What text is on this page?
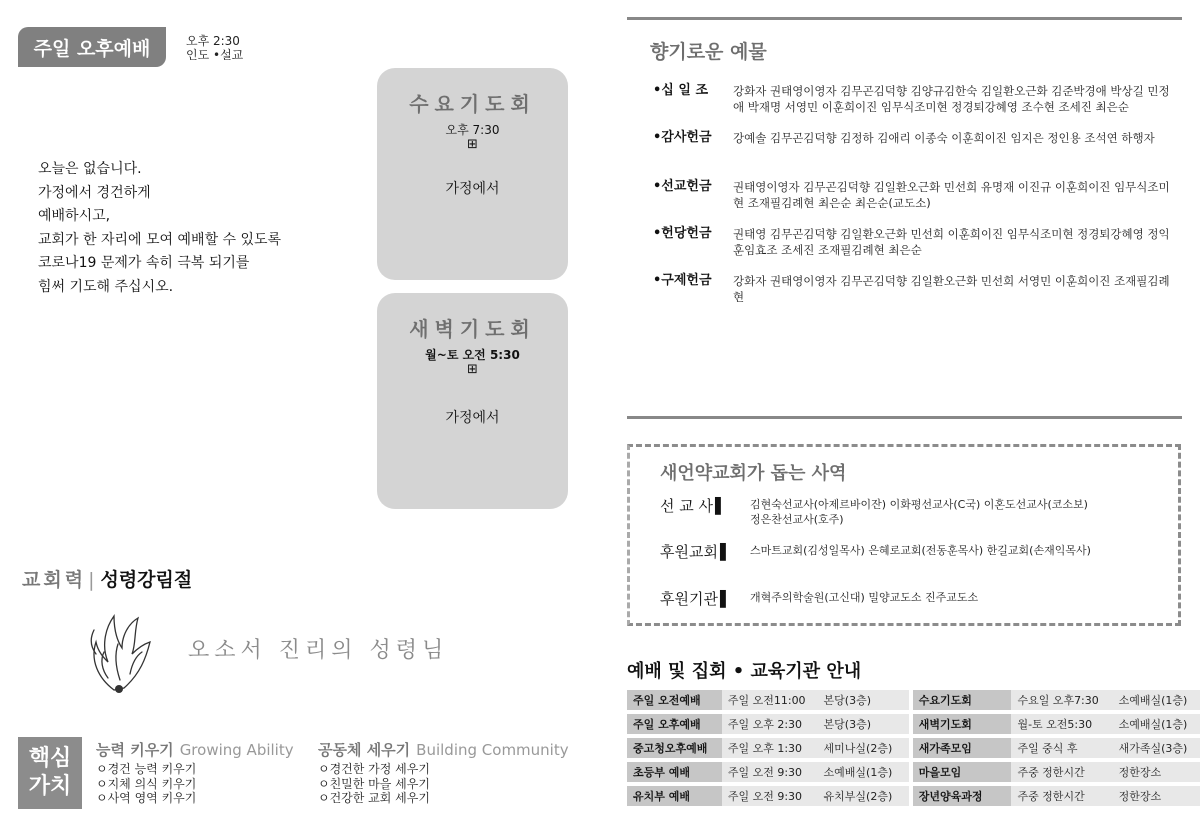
주일 오후예배	오후 2:30
인도 •설교
오늘은 없습니다.
가정에서 경건하게
예배하시고,
교회가 한 자리에 모여 예배할 수 있도록
코로나19 문제가 속히 극복 되기를
힘써 기도해 주십시오.
수요기도회
오후 7:30
⊞
가정에서
새벽기도회
월~토 오전 5:30
⊞
가정에서
교회력 | 성령강림절
오소서 진리의 성령님
핵심
가치
능력 키우기 Growing Ability
ㅇ경건 능력 키우기
ㅇ지체 의식 키우기
ㅇ사역 영역 키우기
공동체 세우기 Building Community
ㅇ경건한 가정 세우기
ㅇ친밀한 마을 세우기
ㅇ건강한 교회 세우기
향기로운 예물
•십 일 조	강화자 권태영이영자 김무곤김덕향 김양규김한숙 김일환오근화 김준박경애 박상길 민정애 박재명 서영민 이훈희이진 임무식조미현 정경퇴강혜영 조수현 조세진 최은순
•감사헌금	강예솔 김무곤김덕향 김정하 김애리 이종숙 이훈희이진 임지은 정인용 조석연 하행자
•선교헌금	권태영이영자 김무곤김덕향 김일환오근화 민선희 유명재 이진규 이훈희이진 임무식조미현 조재필김례현 최은순 최은순(교도소)
•헌당헌금	권태영 김무곤김덕향 김일환오근화 민선희 이훈희이진 임무식조미현 정경퇴강혜영 정익훈임효조 조세진 조재필김례현 최은순
•구제헌금	강화자 권태영이영자 김무곤김덕향 김일환오근화 민선희 서영민 이훈희이진 조재필김례현
새언약교회가 돕는 사역
선 교 사 ▌	김현숙선교사(아제르바이잔) 이화평선교사(C국) 이혼도선교사(코소보)
정은찬선교사(호주)
후원교회 ▌	스마트교회(김성일목사) 은혜로교회(전동훈목사) 한길교회(손재익목사)
후원기관 ▌	개혁주의학술원(고신대) 밀양교도소 진주교도소
예배 및 집회 • 교육기관 안내
주일 오전예배	주일 오전11:00	본당(3층)	수요기도회	수요일 오후7:30	소예배실(1층)
주일 오후예배	주일 오후 2:30	본당(3층)	새벽기도회	월-토 오전5:30	소예배실(1층)
중고청오후예배	주일 오후 1:30	세미나실(2층)	새가족모임	주일 중식 후	새가족실(3층)
초등부 예배	주일 오전 9:30	소예배실(1층)	마을모임	주중 정한시간	정한장소
유치부 예배	주일 오전 9:30	유치부실(2층)	장년양육과정	주중 정한시간	정한장소
